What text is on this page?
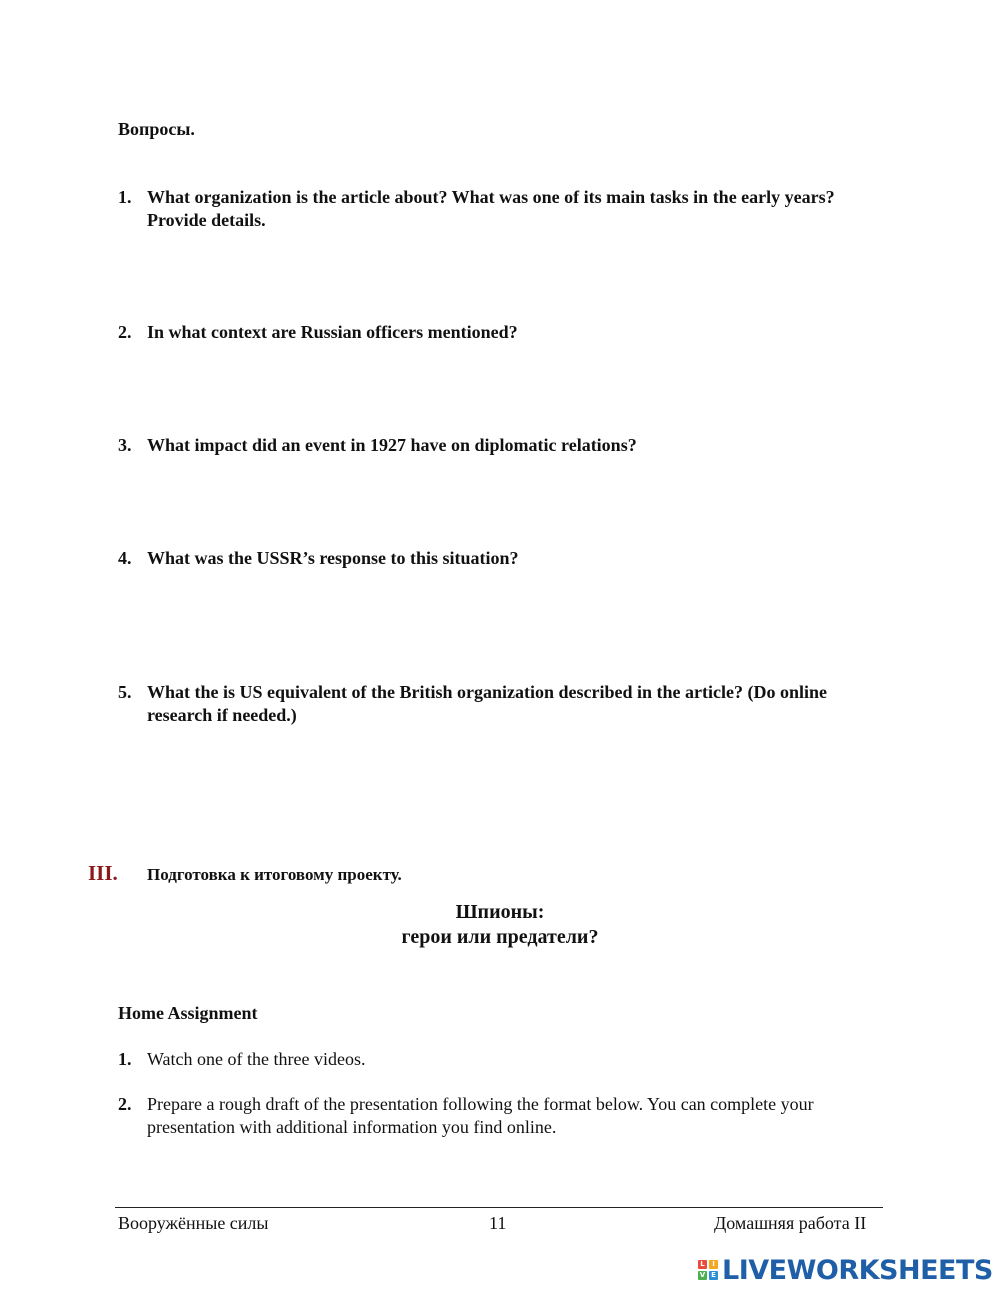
Вопросы.
1. What organization is the article about? What was one of its main tasks in the early years? Provide details.
2. In what context are Russian officers mentioned?
3. What impact did an event in 1927 have on diplomatic relations?
4. What was the USSR’s response to this situation?
5. What the is US equivalent of the British organization described in the article? (Do online research if needed.)
III. Подготовка к итоговому проекту.
Шпионы:
герои или предатели?
Home Assignment
1. Watch one of the three videos.
2. Prepare a rough draft of the presentation following the format below. You can complete your presentation with additional information you find online.
Вооружённые силы	11	Домашняя работа II
L	I
V E LIVEWORKSHEETS
